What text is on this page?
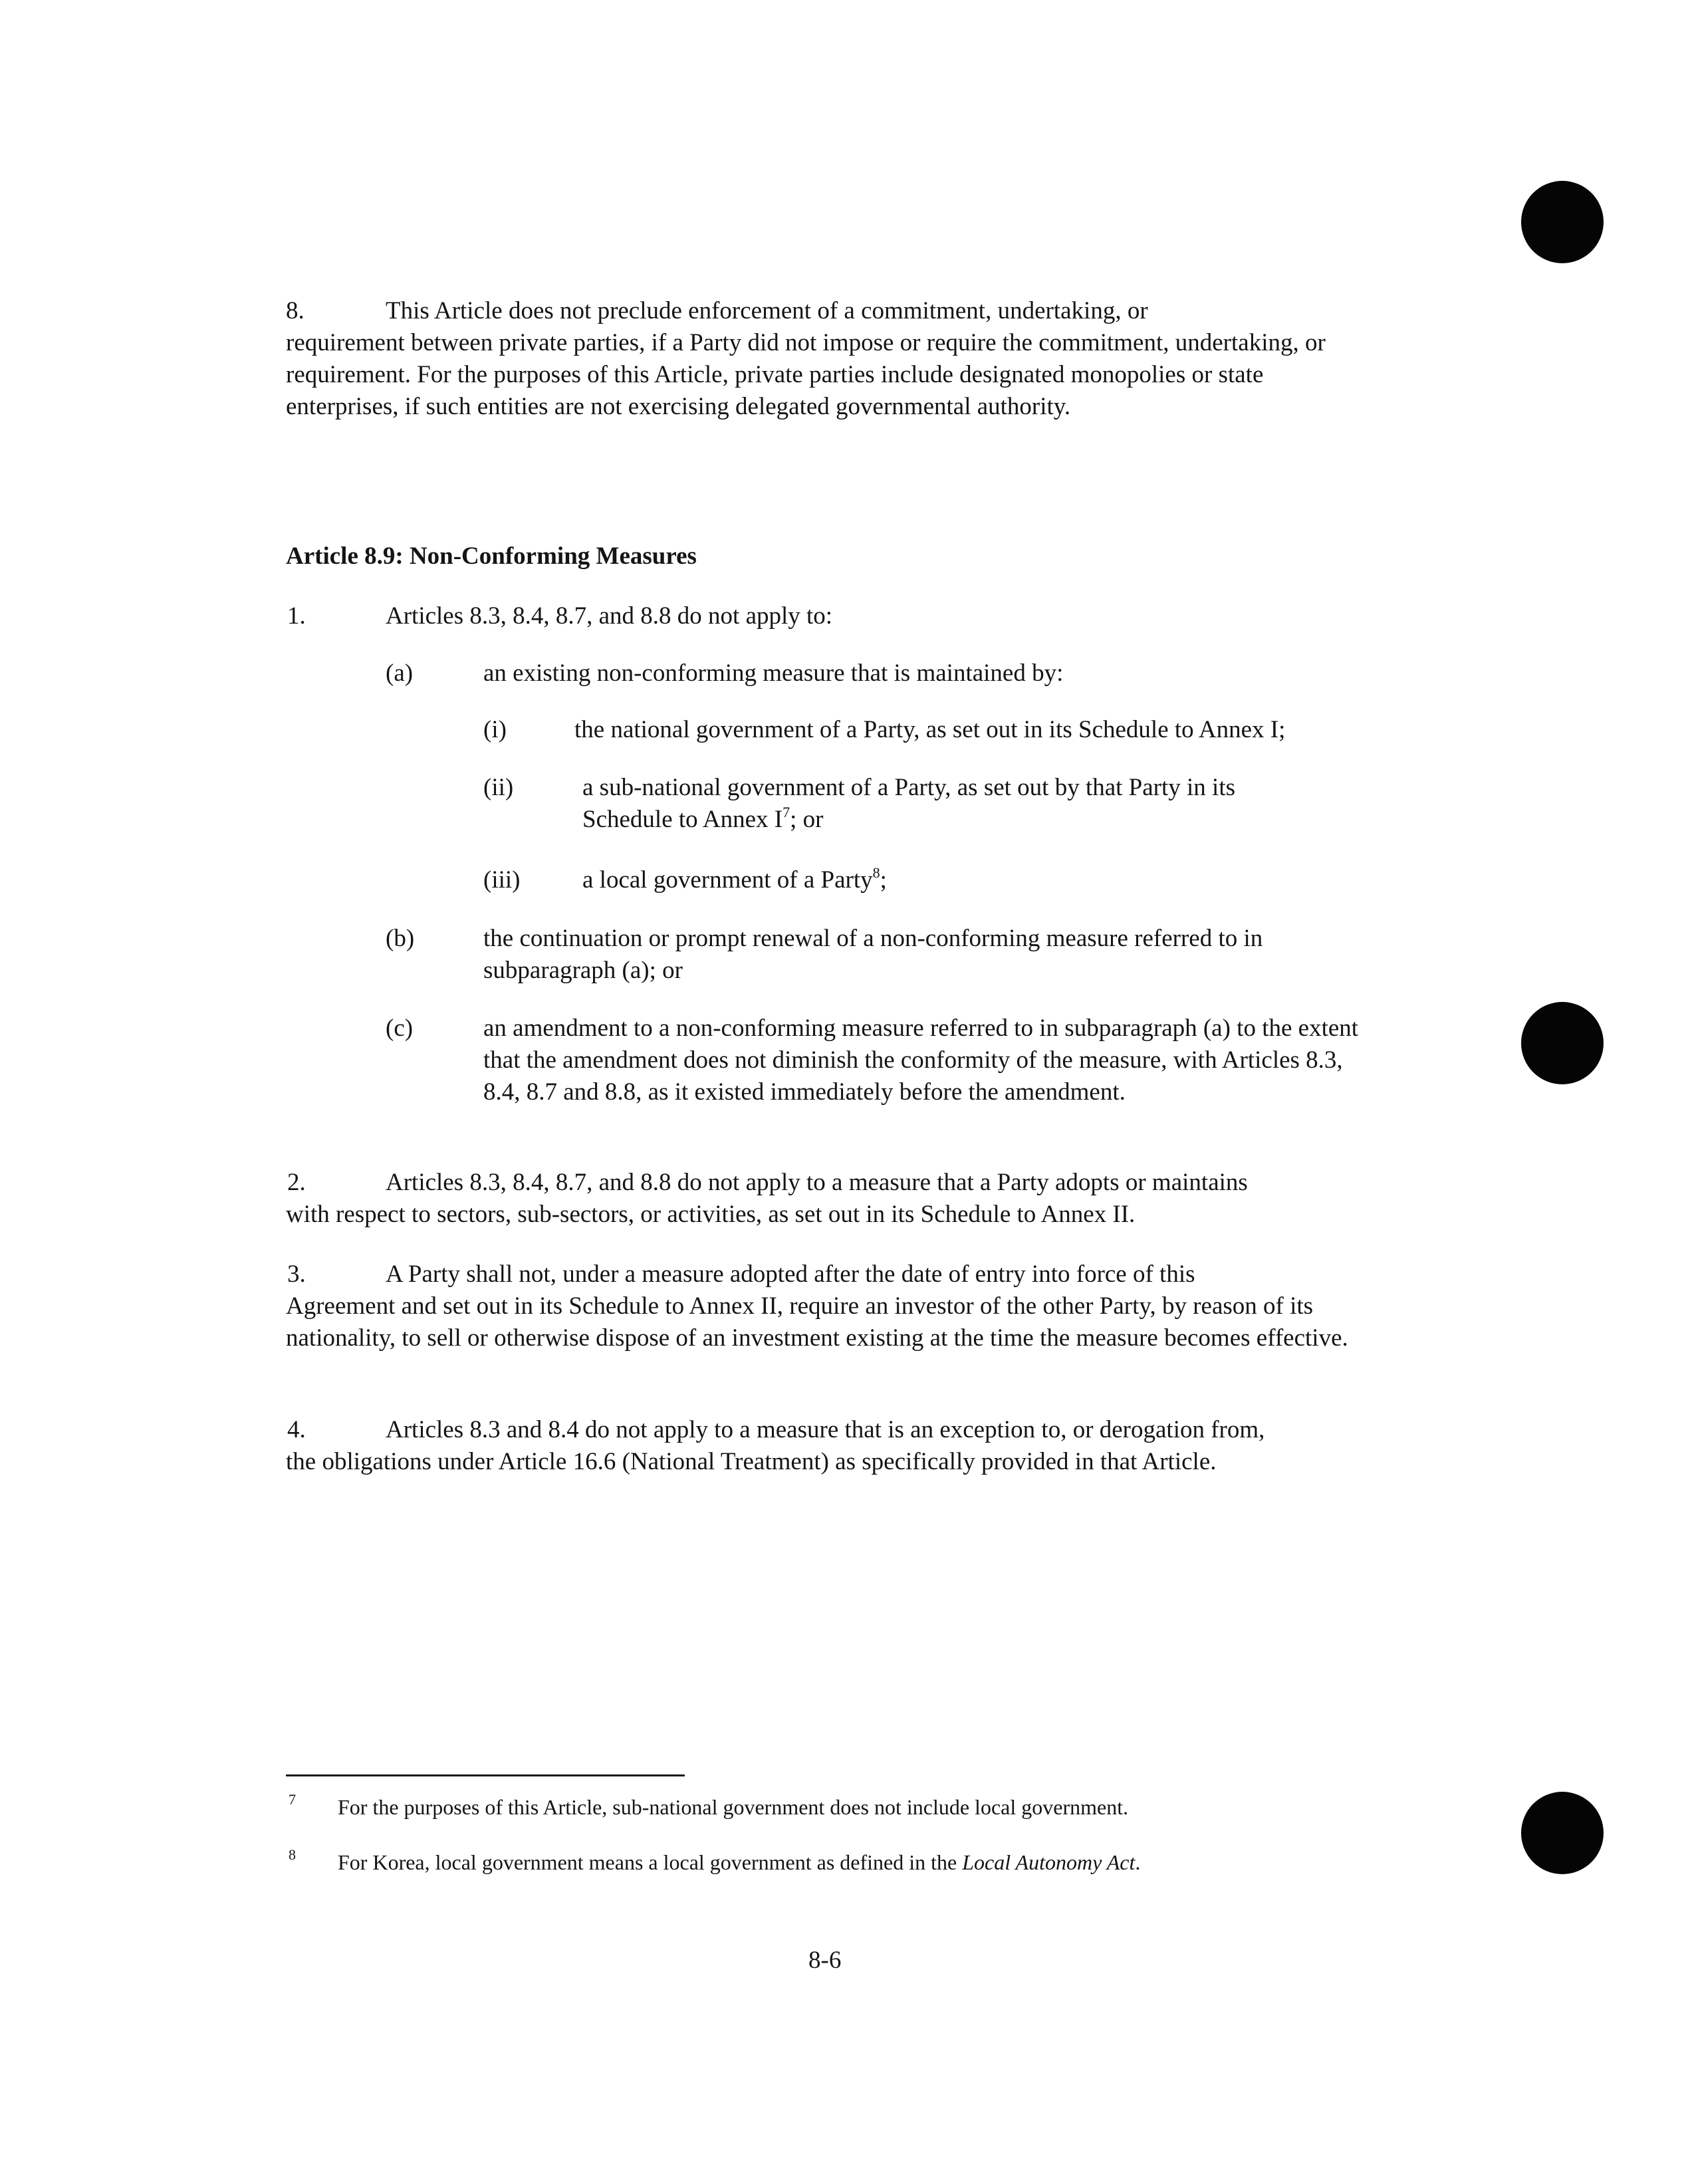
8.	This Article does not preclude enforcement of a commitment, undertaking, or
requirement between private parties, if a Party did not impose or require the commitment, undertaking, or requirement. For the purposes of this Article, private parties include designated monopolies or state enterprises, if such entities are not exercising delegated governmental authority.
Article 8.9: Non-Conforming Measures
1.	Articles 8.3, 8.4, 8.7, and 8.8 do not apply to:
(a)	an existing non-conforming measure that is maintained by:
(i)	the national government of a Party, as set out in its Schedule to Annex I;
(ii)	a sub-national government of a Party, as set out by that Party in its
Schedule to Annex $I^7$; or
(iii)	a local government of a Party$^8$;
(b)	the continuation or prompt renewal of a non-conforming measure referred to in subparagraph (a); or
(c)	an amendment to a non-conforming measure referred to in subparagraph (a) to the extent that the amendment does not diminish the conformity of the measure, with Articles 8.3, 8.4, 8.7 and 8.8, as it existed immediately before the amendment.
2.	Articles 8.3, 8.4, 8.7, and 8.8 do not apply to a measure that a Party adopts or maintains
with respect to sectors, sub-sectors, or activities, as set out in its Schedule to Annex II.
3.	A Party shall not, under a measure adopted after the date of entry into force of this
Agreement and set out in its Schedule to Annex II, require an investor of the other Party, by reason of its nationality, to sell or otherwise dispose of an investment existing at the time the measure becomes effective.
4.	Articles 8.3 and 8.4 do not apply to a measure that is an exception to, or derogation from,
the obligations under Article 16.6 (National Treatment) as specifically provided in that Article.
7 For the purposes of this Article, sub-national government does not include local government.
8 For Korea, local government means a local government as defined in the Local Autonomy Act.
8-6
